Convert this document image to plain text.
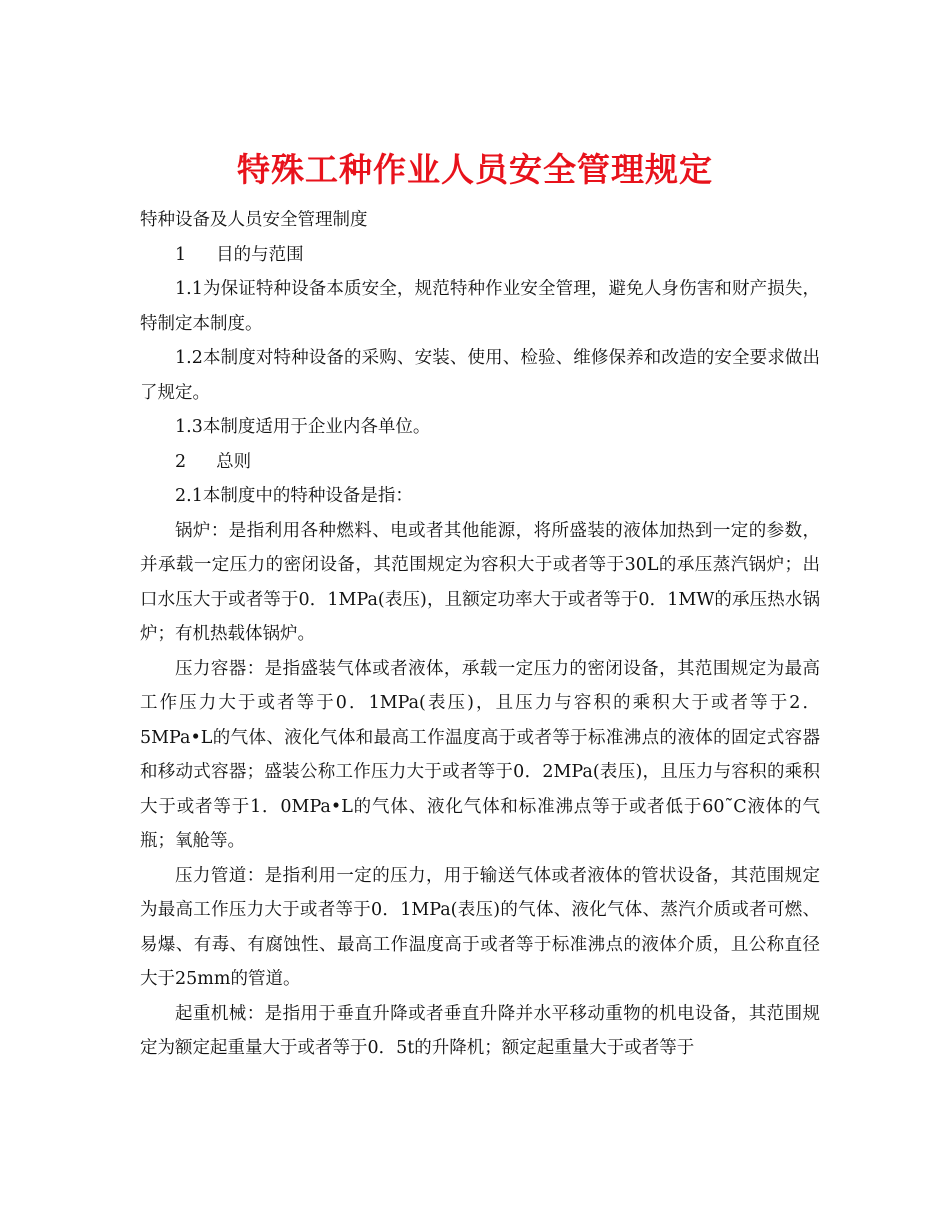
特殊工种作业人员安全管理规定

特种设备及人员安全管理制度

1 目的与范围

1.1为保证特种设备本质安全，规范特种作业安全管理，避免人身伤害和财产损失，特制定本制度。

1.2本制度对特种设备的采购、安装、使用、检验、维修保养和改造的安全要求做出了规定。

1.3本制度适用于企业内各单位。

2 总则

2.1本制度中的特种设备是指：

锅炉：是指利用各种燃料、电或者其他能源，将所盛装的液体加热到一定的参数，并承载一定压力的密闭设备，其范围规定为容积大于或者等于30L的承压蒸汽锅炉；出口水压大于或者等于0．1MPa(表压)，且额定功率大于或者等于0．1MW的承压热水锅炉；有机热载体锅炉。

压力容器：是指盛装气体或者液体，承载一定压力的密闭设备，其范围规定为最高工作压力大于或者等于0．1MPa(表压)，且压力与容积的乘积大于或者等于2．5MPa•L的气体、液化气体和最高工作温度高于或者等于标准沸点的液体的固定式容器和移动式容器；盛装公称工作压力大于或者等于0．2MPa(表压)，且压力与容积的乘积大于或者等于1．0MPa•L的气体、液化气体和标准沸点等于或者低于60˜C液体的气瓶；氧舱等。

压力管道：是指利用一定的压力，用于输送气体或者液体的管状设备，其范围规定为最高工作压力大于或者等于0．1MPa(表压)的气体、液化气体、蒸汽介质或者可燃、易爆、有毒、有腐蚀性、最高工作温度高于或者等于标准沸点的液体介质，且公称直径大于25mm的管道。

起重机械：是指用于垂直升降或者垂直升降并水平移动重物的机电设备，其范围规定为额定起重量大于或者等于0．5t的升降机；额定起重量大于或者等于
